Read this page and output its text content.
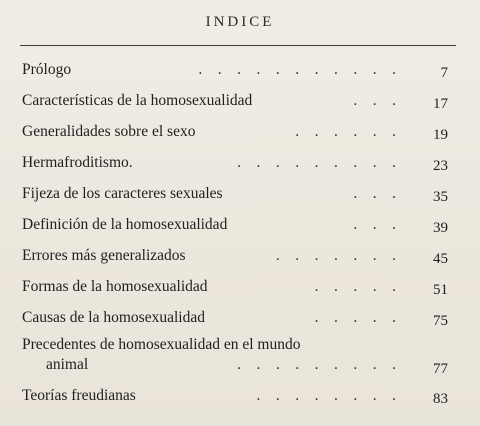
INDICE
Prólogo	.    .    .    .    .    .    .    .    .    .    .	7
Características de la homosexualidad	.    .    .	17
Generalidades sobre el sexo	.    .    .    .    .    .	19
Hermafroditismo.	.    .    .    .    .    .    .    .    .	23
Fijeza de los caracteres sexuales	.    .    .	35
Definición de la homosexualidad	.    .    .	39
Errores más generalizados	.    .    .    .    .    .    .	45
Formas de la homosexualidad	.    .    .    .    .	51
Causas de la homosexualidad	.    .    .    .    .	75
Precedentes de homosexualidad en el mundo
animal	.    .    .    .    .    .    .    .    .	77
Teorías freudianas	.    .    .    .    .    .    .    .	83
